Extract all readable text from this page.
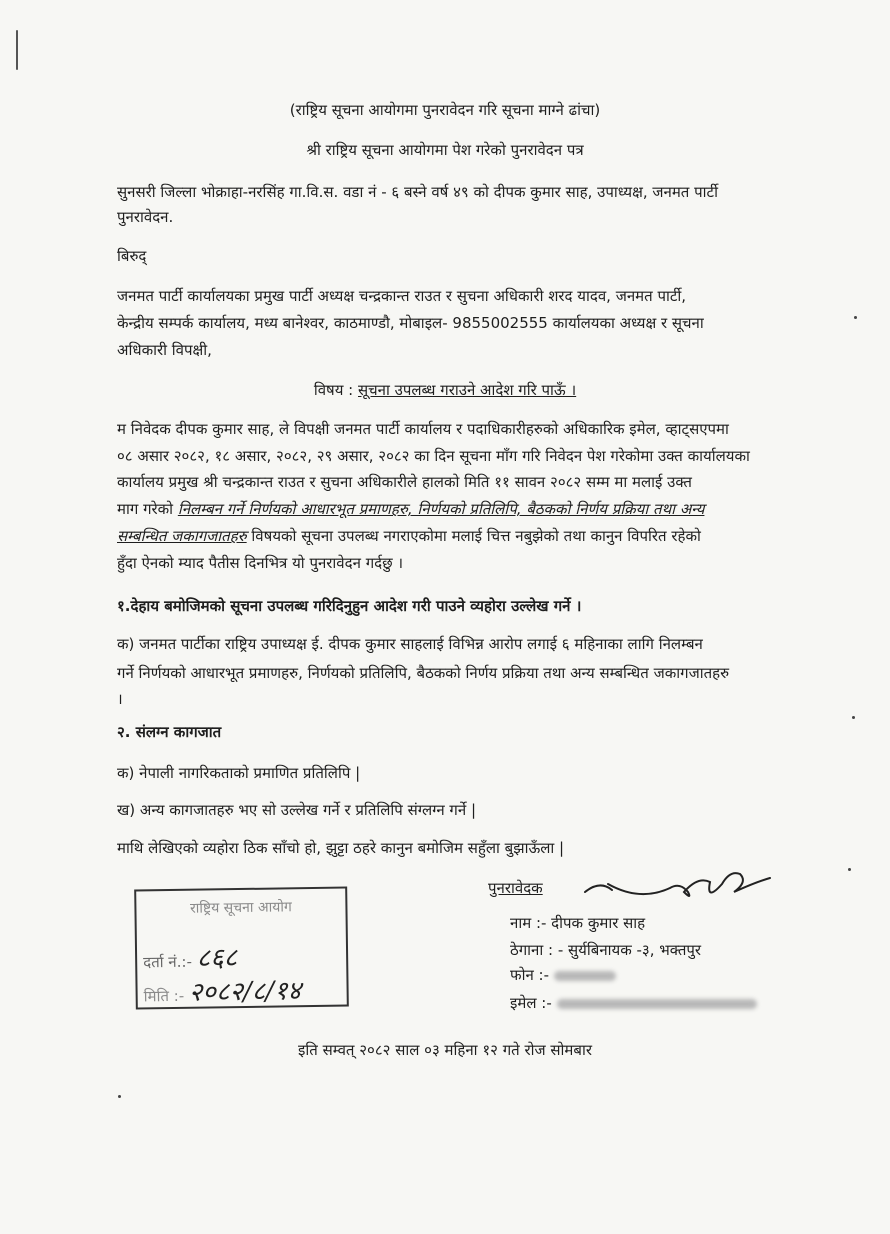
(राष्ट्रिय सूचना आयोगमा पुनरावेदन गरि सूचना माग्ने ढांचा)
श्री राष्ट्रिय सूचना आयोगमा पेश गरेको पुनरावेदन पत्र
सुनसरी जिल्ला भोक्राहा-नरसिंह गा.वि.स. वडा नं - ६ बस्ने वर्ष ४९ को दीपक कुमार साह, उपाध्यक्ष, जनमत पार्टी
पुनरावेदन.
बिरुद्
जनमत पार्टी कार्यालयका प्रमुख पार्टी अध्यक्ष चन्द्रकान्त राउत र सुचना अधिकारी शरद यादव, जनमत पार्टी,
केन्द्रीय सम्पर्क कार्यालय, मध्य बानेश्वर, काठमाण्डौ, मोबाइल- 9855002555 कार्यालयका अध्यक्ष र सूचना
अधिकारी विपक्षी,
विषय : सूचना उपलब्ध गराउने आदेश गरि पाऊँ ।
म निवेदक दीपक कुमार साह, ले विपक्षी जनमत पार्टी कार्यालय र पदाधिकारीहरुको अधिकारिक इमेल, व्हाट्सएपमा
०८ असार २०८२, १८ असार, २०८२, २९ असार, २०८२ का दिन सूचना माँग गरि निवेदन पेश गरेकोमा उक्त कार्यालयका
कार्यालय प्रमुख श्री चन्द्रकान्त राउत र सुचना अधिकारीले हालको मिति ११ सावन २०८२ सम्म मा मलाई उक्त
माग गरेको निलम्बन गर्ने निर्णयको आधारभूत प्रमाणहरु, निर्णयको प्रतिलिपि, बैठकको निर्णय प्रक्रिया तथा अन्य
सम्बन्धित जकागजातहरु विषयको सूचना उपलब्ध नगराएकोमा मलाई चित्त नबुझेको तथा कानुन विपरित रहेको
हुँदा ऐनको म्याद पैतीस दिनभित्र यो पुनरावेदन गर्दछु ।
१.देहाय बमोजिमको सूचना उपलब्ध गरिदिनुहुन आदेश गरी पाउने व्यहोरा उल्लेख गर्ने ।
क) जनमत पार्टीका राष्ट्रिय उपाध्यक्ष ई. दीपक कुमार साहलाई विभिन्न आरोप लगाई ६ महिनाका लागि निलम्बन
गर्ने निर्णयको आधारभूत प्रमाणहरु, निर्णयको प्रतिलिपि, बैठकको निर्णय प्रक्रिया तथा अन्य सम्बन्धित जकागजातहरु
।
२. संलग्न कागजात
क) नेपाली नागरिकताको प्रमाणित प्रतिलिपि |
ख) अन्य कागजातहरु भए सो उल्लेख गर्ने र प्रतिलिपि संग्लग्न गर्ने |
माथि लेखिएको व्यहोरा ठिक साँचो हो, झुट्टा ठहरे कानुन बमोजिम सहुँला बुझाऊँला |
राष्ट्रिय सूचना आयोग
दर्ता नं.:- ८६८
मिति :- २०८२/८/१४
पुनरावेदक
नाम :- दीपक कुमार साह
ठेगाना : - सुर्यबिनायक -३, भक्तपुर
फोन :-
इमेल :-
इति सम्वत् २०८२ साल ०३ महिना १२ गते रोज सोमबार
